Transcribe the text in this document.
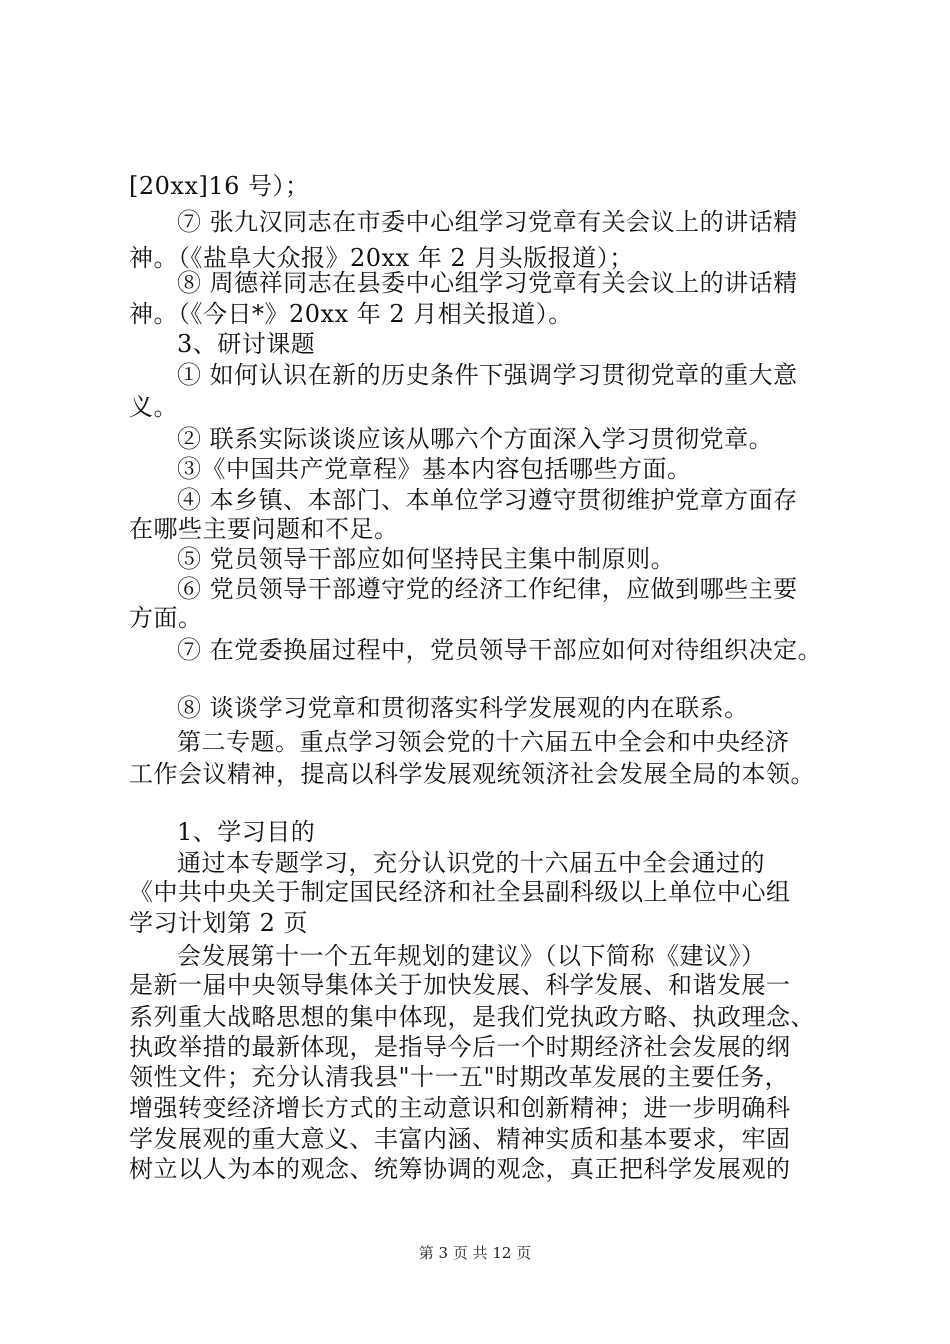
[20xx]16 号）；
⑦ 张九汉同志在市委中心组学习党章有关会议上的讲话精
神。（《盐阜大众报》20xx 年 2 月头版报道）；
⑧ 周德祥同志在县委中心组学习党章有关会议上的讲话精
神。（《今日*》20xx 年 2 月相关报道）。
3、研讨课题
① 如何认识在新的历史条件下强调学习贯彻党章的重大意
义。
② 联系实际谈谈应该从哪六个方面深入学习贯彻党章。
③《中国共产党章程》基本内容包括哪些方面。
④ 本乡镇、本部门、本单位学习遵守贯彻维护党章方面存
在哪些主要问题和不足。
⑤ 党员领导干部应如何坚持民主集中制原则。
⑥ 党员领导干部遵守党的经济工作纪律，应做到哪些主要
方面。
⑦ 在党委换届过程中，党员领导干部应如何对待组织决定。
⑧ 谈谈学习党章和贯彻落实科学发展观的内在联系。
第二专题。重点学习领会党的十六届五中全会和中央经济
工作会议精神，提高以科学发展观统领济社会发展全局的本领。
1、学习目的
通过本专题学习，充分认识党的十六届五中全会通过的
《中共中央关于制定国民经济和社全县副科级以上单位中心组
学习计划第 2 页
会发展第十一个五年规划的建议》（以下简称《建议》）
是新一届中央领导集体关于加快发展、科学发展、和谐发展一
系列重大战略思想的集中体现，是我们党执政方略、执政理念、
执政举措的最新体现，是指导今后一个时期经济社会发展的纲
领性文件；充分认清我县"十一五"时期改革发展的主要任务，
增强转变经济增长方式的主动意识和创新精神；进一步明确科
学发展观的重大意义、丰富内涵、精神实质和基本要求，牢固
树立以人为本的观念、统筹协调的观念，真正把科学发展观的
第 3 页 共 12 页
